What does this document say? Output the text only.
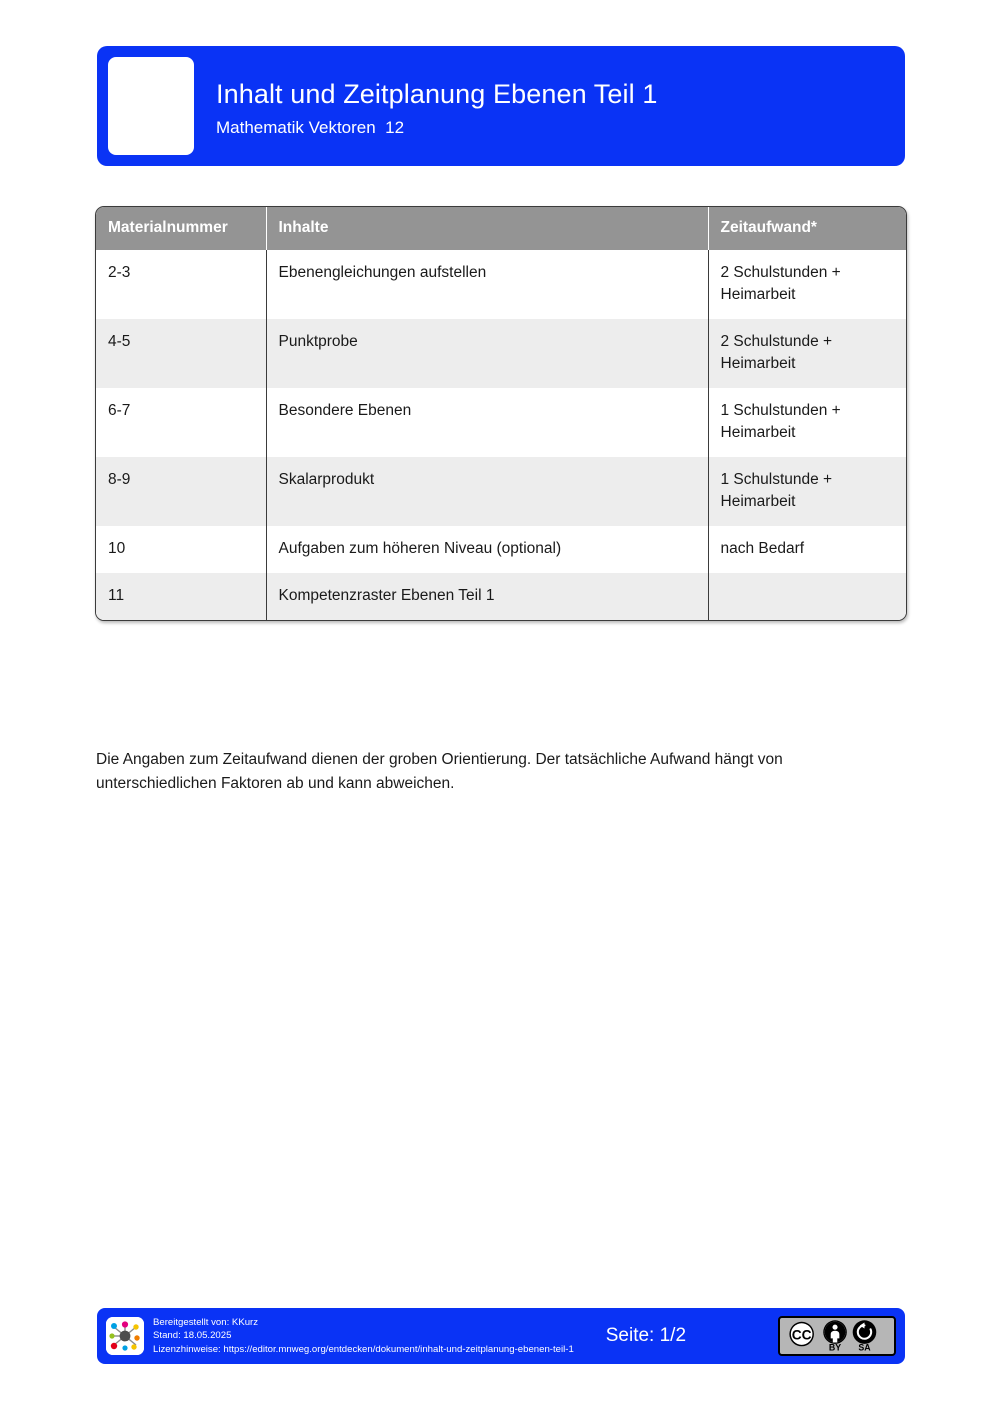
Inhalt und Zeitplanung Ebenen Teil 1
Mathematik Vektoren  12
Materialnummer	Inhalte	Zeitaufwand*
2-3	Ebenengleichungen aufstellen	2 Schulstunden + Heimarbeit
4-5	Punktprobe	2 Schulstunde + Heimarbeit
6-7	Besondere Ebenen	1 Schulstunden + Heimarbeit
8-9	Skalarprodukt	1 Schulstunde + Heimarbeit
10	Aufgaben zum höheren Niveau (optional)	nach Bedarf
11	Kompetenzraster Ebenen Teil 1	

Die Angaben zum Zeitaufwand dienen der groben Orientierung. Der tatsächliche Aufwand hängt von unterschiedlichen Faktoren ab und kann abweichen.

Bereitgestellt von: KKurz
Stand: 18.05.2025
Lizenzhinweise: https://editor.mnweg.org/entdecken/dokument/inhalt-und-zeitplanung-ebenen-teil-1
Seite: 1/2	CC
BY SA
